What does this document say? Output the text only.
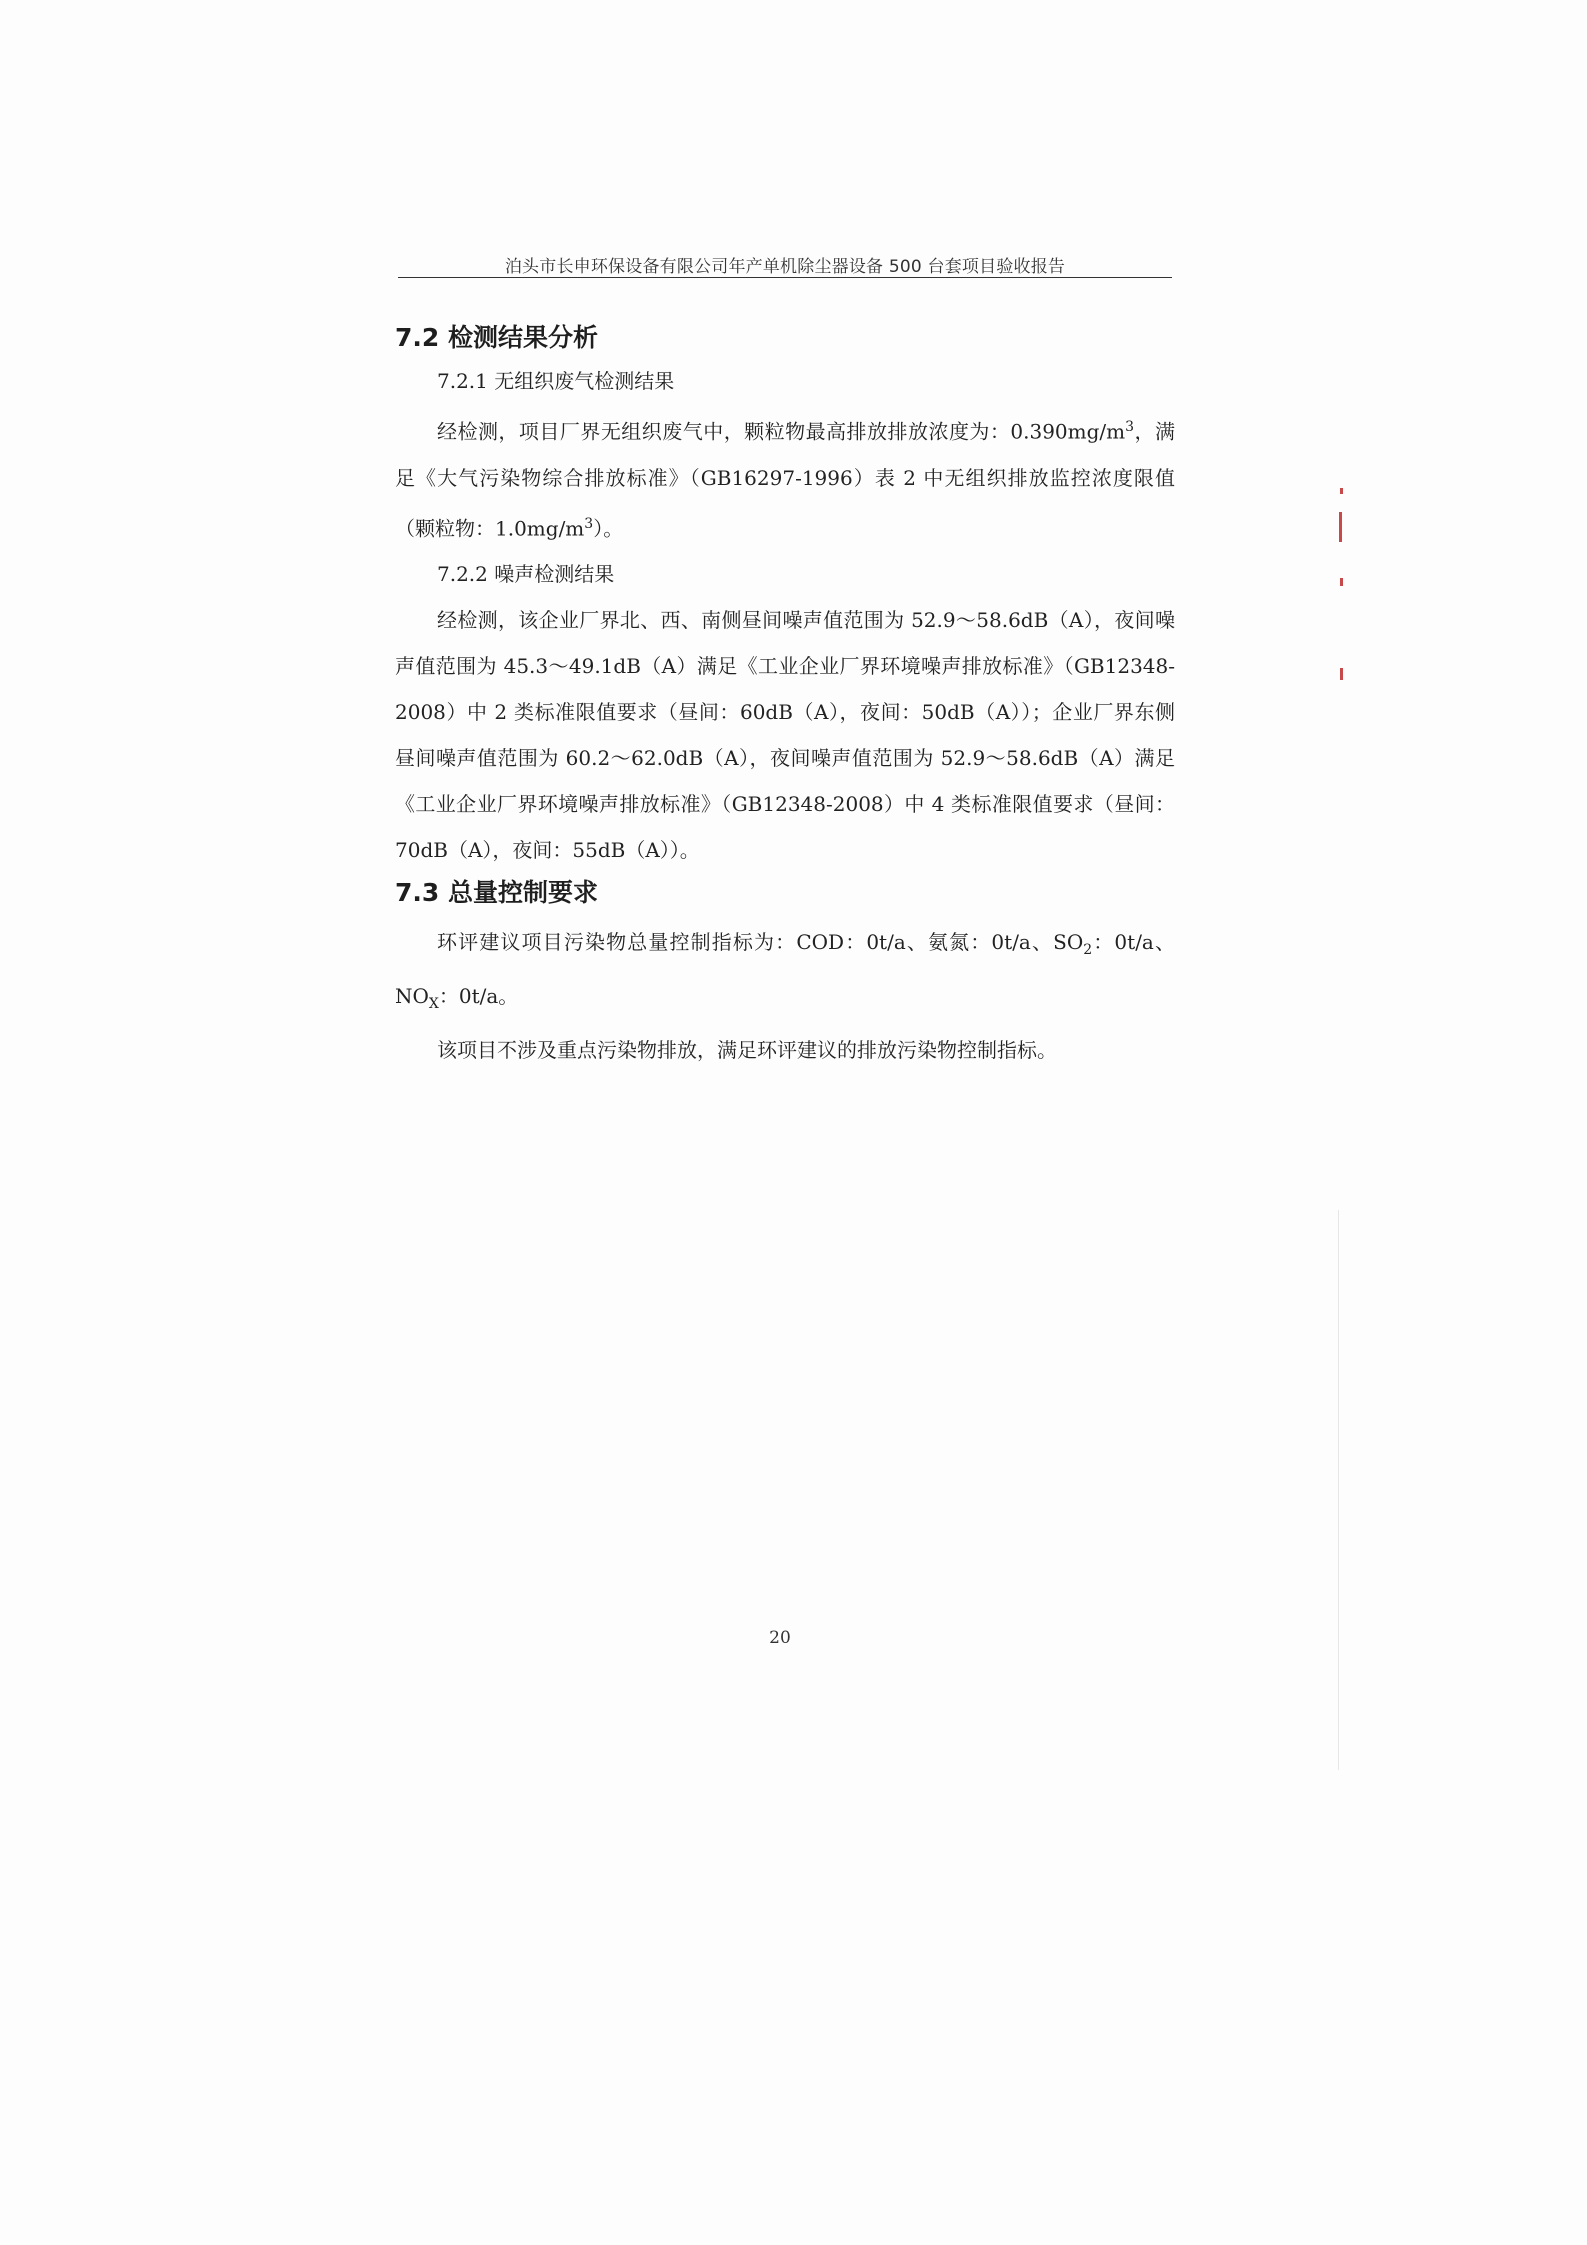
泊头市长申环保设备有限公司年产单机除尘器设备 500 台套项目验收报告
7.2 检测结果分析

7.2.1 无组织废气检测结果

经检测，项目厂界无组织废气中，颗粒物最高排放排放浓度为：$0.390mg/m^3$，满足《大气污染物综合排放标准》（GB16297-1996）表 2 中无组织排放监控浓度限值（颗粒物：$1.0mg/m^3$）。

7.2.2 噪声检测结果

经检测，该企业厂界北、西、南侧昼间噪声值范围为 52.9～58.6dB（A），夜间噪声值范围为 45.3～49.1dB（A）满足《工业企业厂界环境噪声排放标准》（GB12348-2008）中 2 类标准限值要求（昼间：60dB（A），夜间：50dB（A））；企业厂界东侧昼间噪声值范围为 60.2～62.0dB（A），夜间噪声值范围为 52.9～58.6dB（A）满足《工业企业厂界环境噪声排放标准》（GB12348-2008）中 4 类标准限值要求（昼间：70dB（A），夜间：55dB（A））。

7.3 总量控制要求

环评建议项目污染物总量控制指标为：COD：0t/a、氨氮：0t/a、$SO_2$：0t/a、$NO_X$：0t/a。

该项目不涉及重点污染物排放，满足环评建议的排放污染物控制指标。

20
